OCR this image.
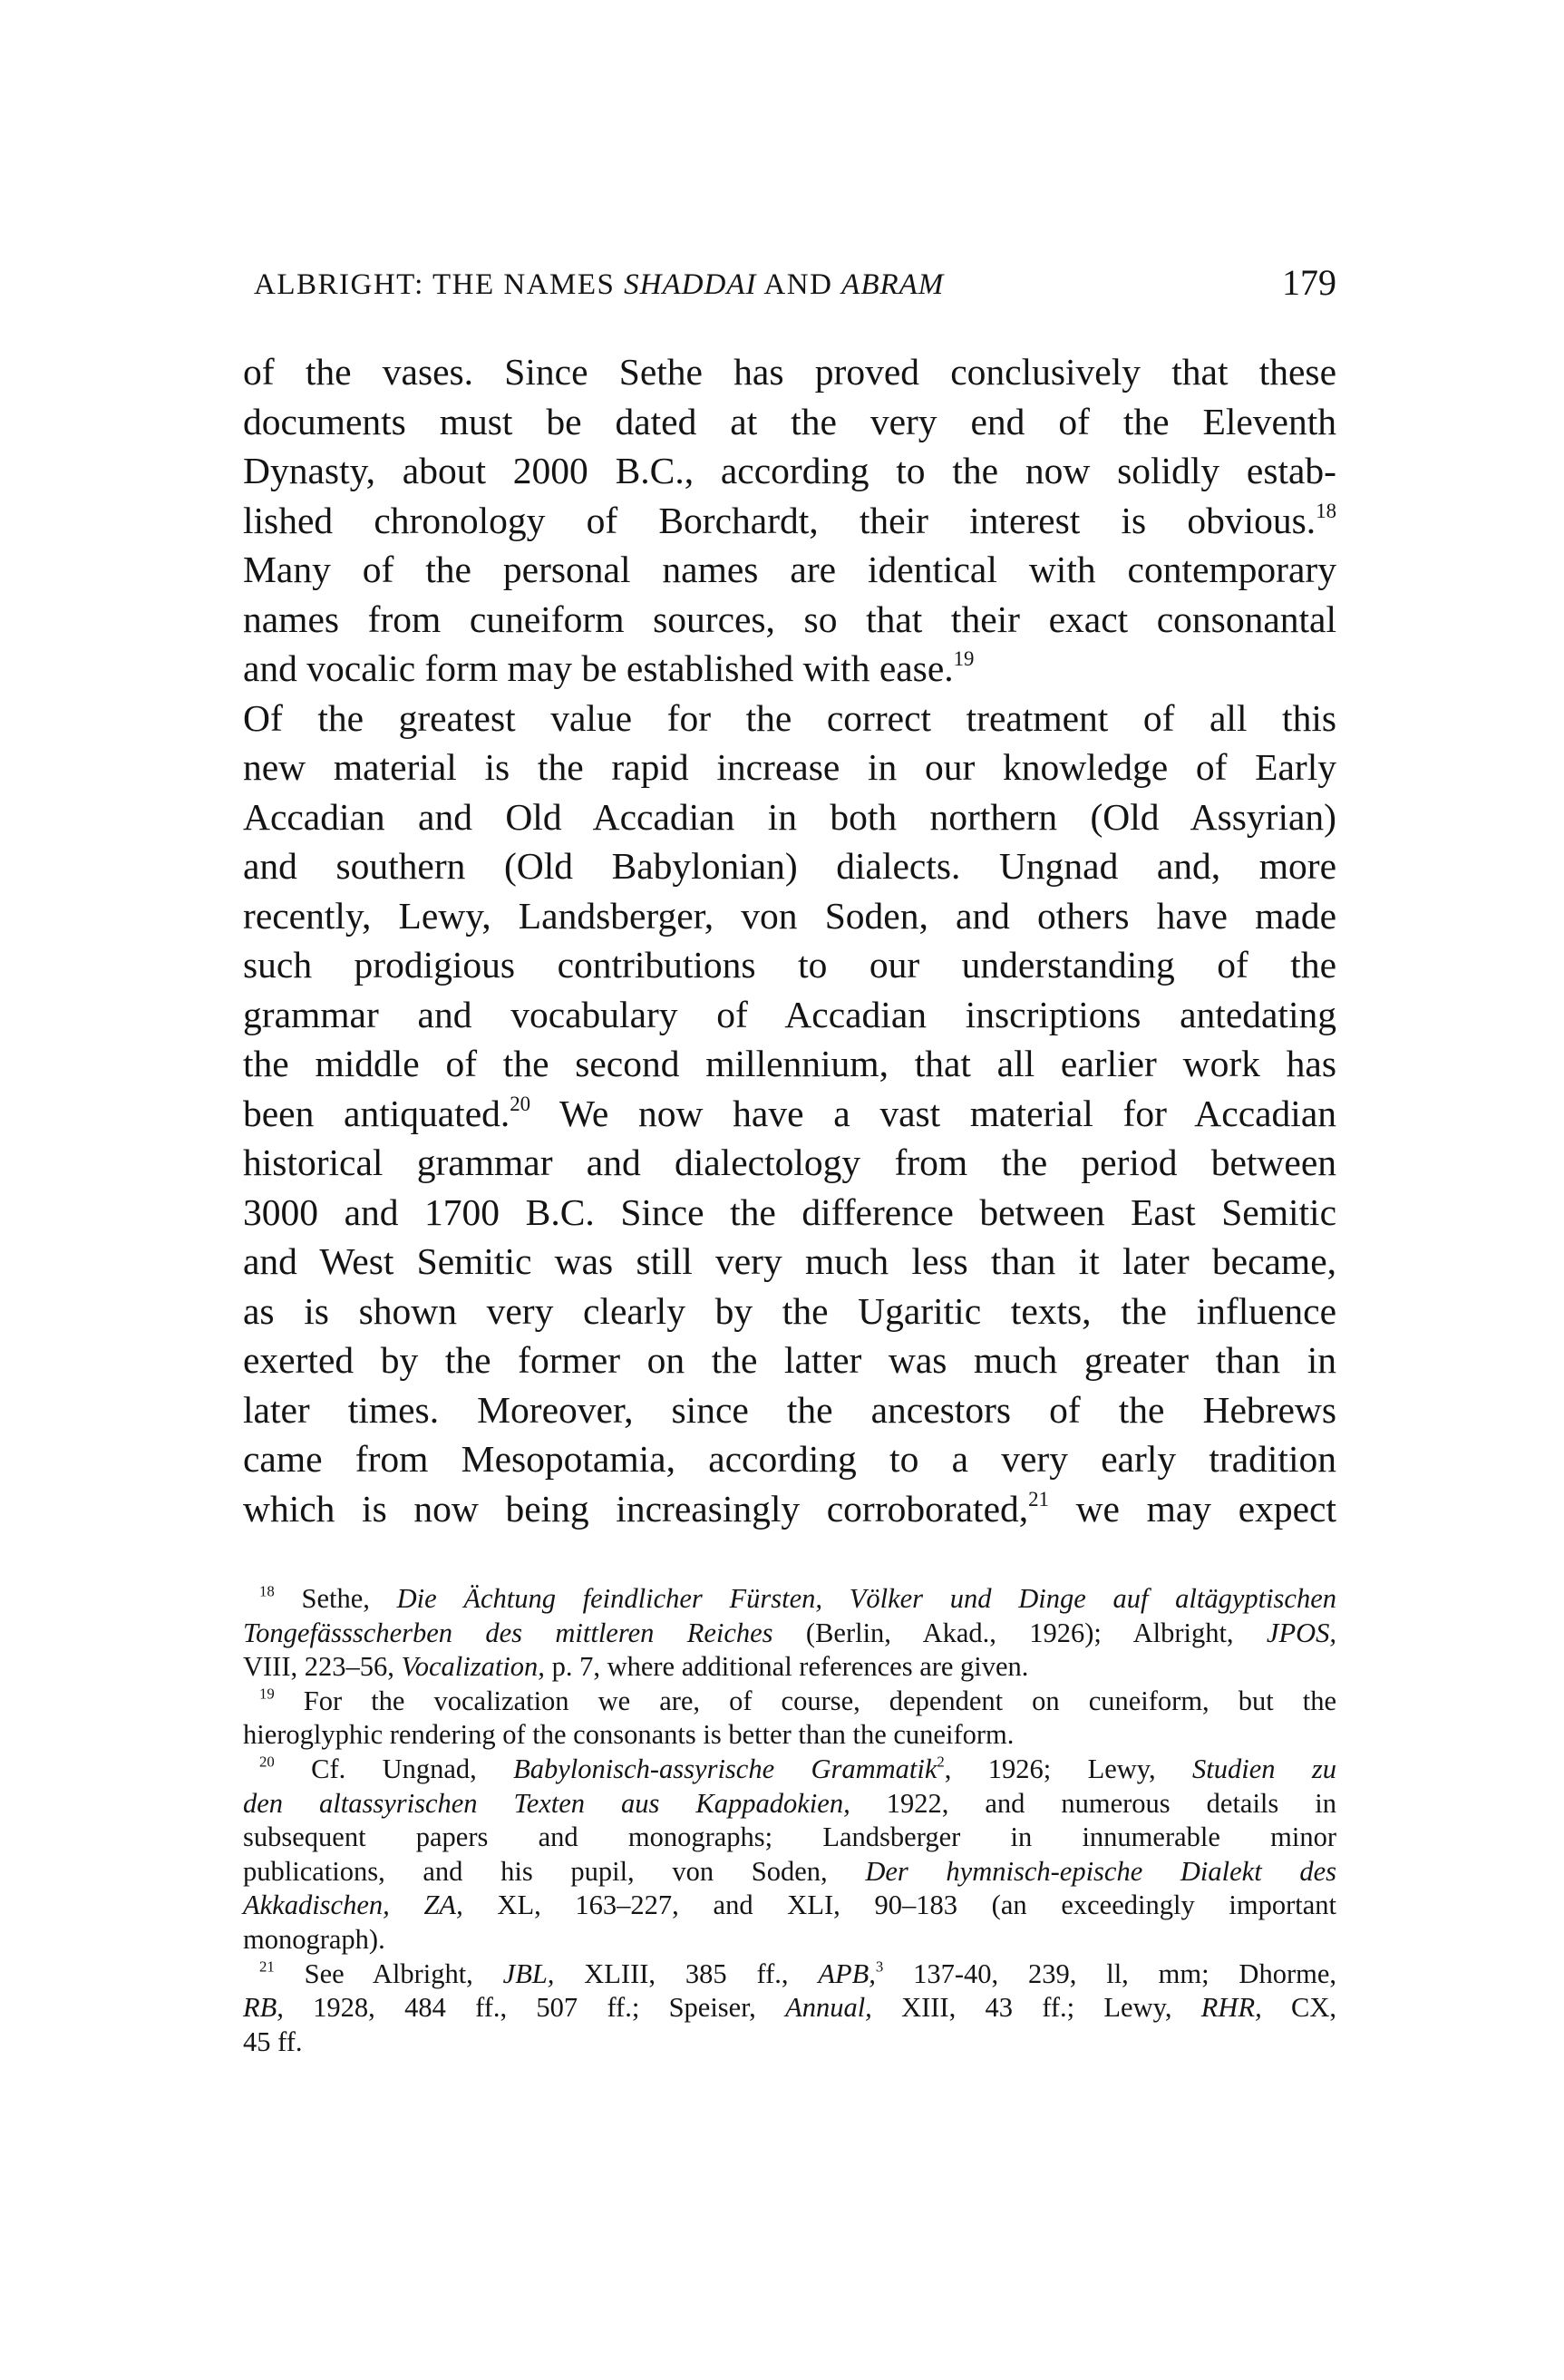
ALBRIGHT: THE NAMES SHADDAI AND ABRAM	179
of the vases. Since Sethe has proved conclusively that these
documents must be dated at the very end of the Eleventh
Dynasty, about 2000 B.C., according to the now solidly estab-
lished chronology of Borchardt, their interest is obvious.$^{18}$
Many of the personal names are identical with contemporary
names from cuneiform sources, so that their exact consonantal
and vocalic form may be established with ease.$^{19}$
Of the greatest value for the correct treatment of all this
new material is the rapid increase in our knowledge of Early
Accadian and Old Accadian in both northern (Old Assyrian)
and southern (Old Babylonian) dialects. Ungnad and, more
recently, Lewy, Landsberger, von Soden, and others have made
such prodigious contributions to our understanding of the
grammar and vocabulary of Accadian inscriptions antedating
the middle of the second millennium, that all earlier work has
been antiquated.$^{20}$ We now have a vast material for Accadian
historical grammar and dialectology from the period between
3000 and 1700 B.C. Since the difference between East Semitic
and West Semitic was still very much less than it later became,
as is shown very clearly by the Ugaritic texts, the influence
exerted by the former on the latter was much greater than in
later times. Moreover, since the ancestors of the Hebrews
came from Mesopotamia, according to a very early tradition
which is now being increasingly corroborated,$^{21}$ we may expect
$^{18}$ Sethe, Die Ächtung feindlicher Fürsten, Völker und Dinge auf altägyptischen
Tongefässscherben des mittleren Reiches (Berlin, Akad., 1926); Albright, JPOS,
VIII, 223–56, Vocalization, p. 7, where additional references are given.
$^{19}$ For the vocalization we are, of course, dependent on cuneiform, but the
hieroglyphic rendering of the consonants is better than the cuneiform.
$^{20}$ Cf. Ungnad, Babylonisch-assyrische Grammatik$^2$, 1926; Lewy, Studien zu
den altassyrischen Texten aus Kappadokien, 1922, and numerous details in
subsequent papers and monographs; Landsberger in innumerable minor
publications, and his pupil, von Soden, Der hymnisch-epische Dialekt des
Akkadischen, ZA, XL, 163–227, and XLI, 90–183 (an exceedingly important
monograph).
$^{21}$ See Albright, JBL, XLIII, 385 ff., APB,$^3$ 137-40, 239, ll, mm; Dhorme,
RB, 1928, 484 ff., 507 ff.; Speiser, Annual, XIII, 43 ff.; Lewy, RHR, CX,
45 ff.
